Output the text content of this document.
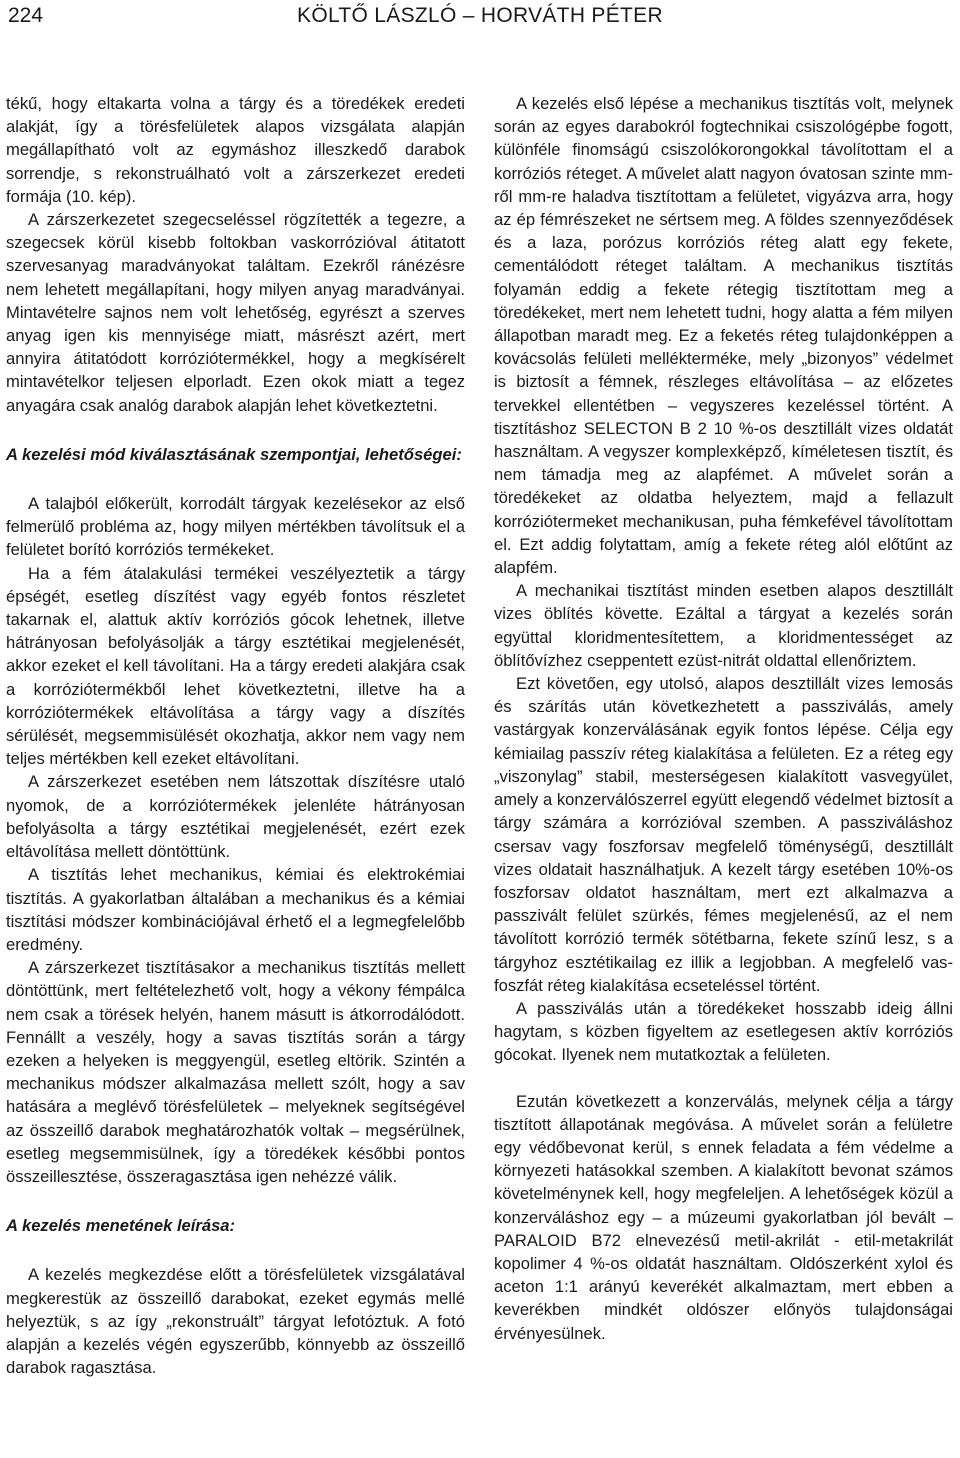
224	KÖLTŐ LÁSZLÓ – HORVÁTH PÉTER

tékű, hogy eltakarta volna a tárgy és a töredékek eredeti alakját, így a törésfelületek alapos vizsgálata alapján megállapítható volt az egymáshoz illeszkedő darabok sorrendje, s rekonstruálható volt a zárszerkezet eredeti formája (10. kép).

A zárszerkezetet szegecseléssel rögzítették a tegezre, a szegecsek körül kisebb foltokban vaskorrózióval átitatott szervesanyag maradványokat találtam. Ezekről ránézésre nem lehetett megállapítani, hogy milyen anyag maradványai. Mintavételre sajnos nem volt lehetőség, egyrészt a szerves anyag igen kis mennyisége miatt, másrészt azért, mert annyira átitatódott korróziótermékkel, hogy a megkísérelt mintavételkor teljesen elporladt. Ezen okok miatt a tegez anyagára csak analóg darabok alapján lehet következtetni.

A kezelési mód kiválasztásának szempontjai, lehetőségei:

A talajból előkerült, korrodált tárgyak kezelésekor az első felmerülő probléma az, hogy milyen mértékben távolítsuk el a felületet borító korróziós termékeket.

Ha a fém átalakulási termékei veszélyeztetik a tárgy épségét, esetleg díszítést vagy egyéb fontos részletet takarnak el, alattuk aktív korróziós gócok lehetnek, illetve hátrányosan befolyásolják a tárgy esztétikai megjelenését, akkor ezeket el kell távolítani. Ha a tárgy eredeti alakjára csak a korróziótermékből lehet következtetni, illetve ha a korróziótermékek eltávolítása a tárgy vagy a díszítés sérülését, megsemmisülését okozhatja, akkor nem vagy nem teljes mértékben kell ezeket eltávolítani.

A zárszerkezet esetében nem látszottak díszítésre utaló nyomok, de a korróziótermékek jelenléte hátrányosan befolyásolta a tárgy esztétikai megjelenését, ezért ezek eltávolítása mellett döntöttünk.

A tisztítás lehet mechanikus, kémiai és elektrokémiai tisztítás. A gyakorlatban általában a mechanikus és a kémiai tisztítási módszer kombinációjával érhető el a legmegfelelőbb eredmény.

A zárszerkezet tisztításakor a mechanikus tisztítás mellett döntöttünk, mert feltételezhető volt, hogy a vékony fémpálca nem csak a törések helyén, hanem másutt is átkorrodálódott. Fennállt a veszély, hogy a savas tisztítás során a tárgy ezeken a helyeken is meggyengül, esetleg eltörik. Szintén a mechanikus módszer alkalmazása mellett szólt, hogy a sav hatására a meglévő törésfelületek – melyeknek segítségével az összeillő darabok meghatározhatók voltak – megsérülnek, esetleg megsemmisülnek, így a töredékek későbbi pontos összeillesztése, összeragasztása igen nehézzé válik.

A kezelés menetének leírása:

A kezelés megkezdése előtt a törésfelületek vizsgálatával megkerestük az összeillő darabokat, ezeket egymás mellé helyeztük, s az így „rekonstruált” tárgyat lefotóztuk. A fotó alapján a kezelés végén egyszerűbb, könnyebb az összeillő darabok ragasztása.

A kezelés első lépése a mechanikus tisztítás volt, melynek során az egyes darabokról fogtechnikai csiszológépbe fogott, különféle finomságú csiszolókorongokkal távolítottam el a korróziós réteget. A művelet alatt nagyon óvatosan szinte mm-ről mm-re haladva tisztítottam a felületet, vigyázva arra, hogy az ép fémrészeket ne sértsem meg. A földes szennyeződések és a laza, porózus korróziós réteg alatt egy fekete, cementálódott réteget találtam. A mechanikus tisztítás folyamán eddig a fekete rétegig tisztítottam meg a töredékeket, mert nem lehetett tudni, hogy alatta a fém milyen állapotban maradt meg. Ez a feketés réteg tulajdonképpen a kovácsolás felületi mellékterméke, mely „bizonyos” védelmet is biztosít a fémnek, részleges eltávolítása – az előzetes tervekkel ellentétben – vegyszeres kezeléssel történt. A tisztításhoz SELECTON B 2 10 %-os desztillált vizes oldatát használtam. A vegyszer komplexképző, kíméletesen tisztít, és nem támadja meg az alapfémet. A művelet során a töredékeket az oldatba helyeztem, majd a fellazult korróziótermeket mechanikusan, puha fémkefével távolítottam el. Ezt addig folytattam, amíg a fekete réteg alól előtűnt az alapfém.

A mechanikai tisztítást minden esetben alapos desztillált vizes öblítés követte. Ezáltal a tárgyat a kezelés során együttal kloridmentesítettem, a kloridmentességet az öblítővízhez cseppentett ezüst-nitrát oldattal ellenőriztem.

Ezt követően, egy utolsó, alapos desztillált vizes lemosás és szárítás után következhetett a passziválás, amely vastárgyak konzerválásának egyik fontos lépése. Célja egy kémiailag passzív réteg kialakítása a felületen. Ez a réteg egy „viszonylag” stabil, mesterségesen kialakított vasvegyület, amely a konzerválószerrel együtt elegendő védelmet biztosít a tárgy számára a korrózióval szemben. A passziváláshoz csersav vagy foszforsav megfelelő töménységű, desztillált vizes oldatait használhatjuk. A kezelt tárgy esetében 10%-os foszforsav oldatot használtam, mert ezt alkalmazva a passzivált felület szürkés, fémes megjelenésű, az el nem távolított korrózió termék sötétbarna, fekete színű lesz, s a tárgyhoz esztétikailag ez illik a legjobban. A megfelelő vas-foszfát réteg kialakítása ecseteléssel történt.

A passziválás után a töredékeket hosszabb ideig állni hagytam, s közben figyeltem az esetlegesen aktív korróziós gócokat. Ilyenek nem mutatkoztak a felületen.

Ezután következett a konzerválás, melynek célja a tárgy tisztított állapotának megóvása. A művelet során a felületre egy védőbevonat kerül, s ennek feladata a fém védelme a környezeti hatásokkal szemben. A kialakított bevonat számos követelménynek kell, hogy megfeleljen. A lehetőségek közül a konzerváláshoz egy – a múzeumi gyakorlatban jól bevált – PARALOID B72 elnevezésű metil-akrilát - etil-metakrilát kopolimer 4 %-os oldatát használtam. Oldószerként xylol és aceton 1:1 arányú keverékét alkalmaztam, mert ebben a keverékben mindkét oldószer előnyös tulajdonságai érvényesülnek.
